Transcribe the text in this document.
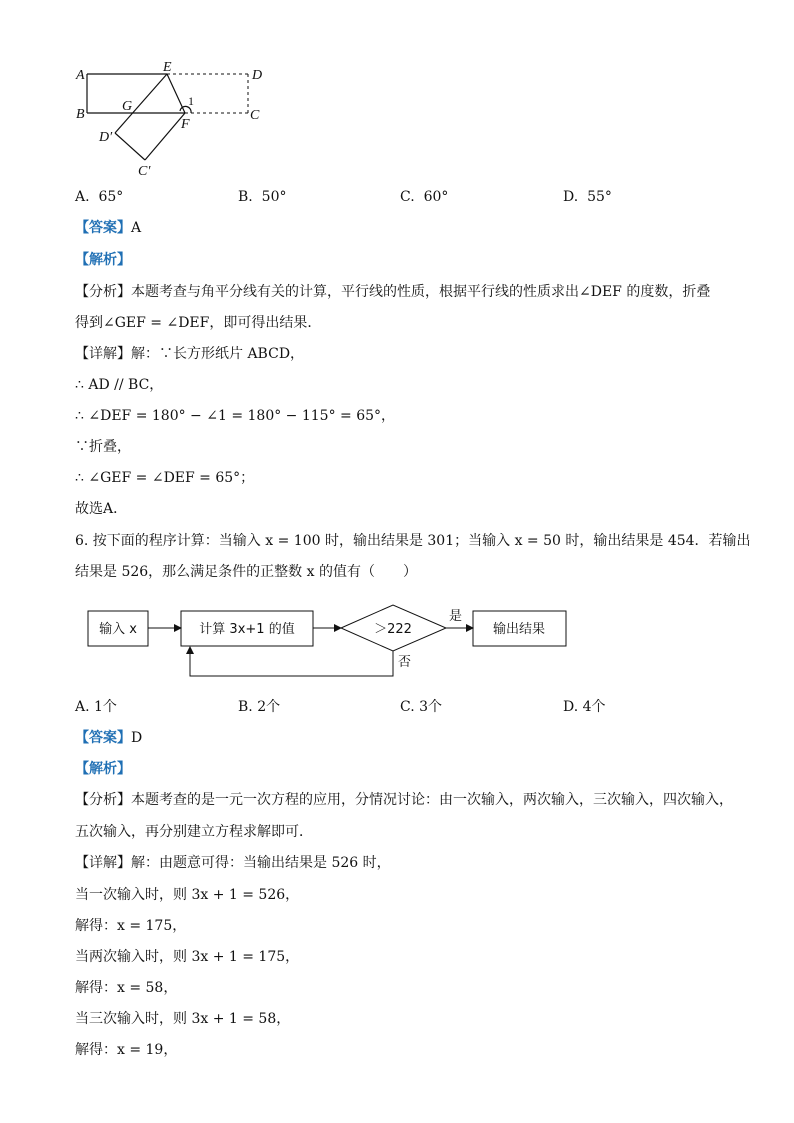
A
B
E
D
C
G
F
1
D′
C′
A. 65°	B. 50°	C. 60°	D. 55°
【答案】A
【解析】
【分析】本题考查与角平分线有关的计算，平行线的性质，根据平行线的性质求出∠DEF 的度数，折叠
得到∠GEF = ∠DEF，即可得出结果．
【详解】解：∵长方形纸片 ABCD，
∴ AD // BC，
∴ ∠DEF = 180° − ∠1 = 180° − 115° = 65°，
∵折叠，
∴ ∠GEF = ∠DEF = 65°；
故选A．
6. 按下面的程序计算：当输入 x = 100 时，输出结果是 301；当输入 x = 50 时，输出结果是 454．若输出
结果是 526，那么满足条件的正整数 x 的值有（　　）
输入 x	计算 3x+1 的值	＞222	输出结果
是
否
A. 1个	B. 2个	C. 3个	D. 4个
【答案】D
【解析】
【分析】本题考查的是一元一次方程的应用，分情况讨论：由一次输入，两次输入，三次输入，四次输入，
五次输入，再分别建立方程求解即可．
【详解】解：由题意可得：当输出结果是 526 时，
当一次输入时，则 3x + 1 = 526，
解得：x = 175，
当两次输入时，则 3x + 1 = 175，
解得：x = 58，
当三次输入时，则 3x + 1 = 58，
解得：x = 19，
